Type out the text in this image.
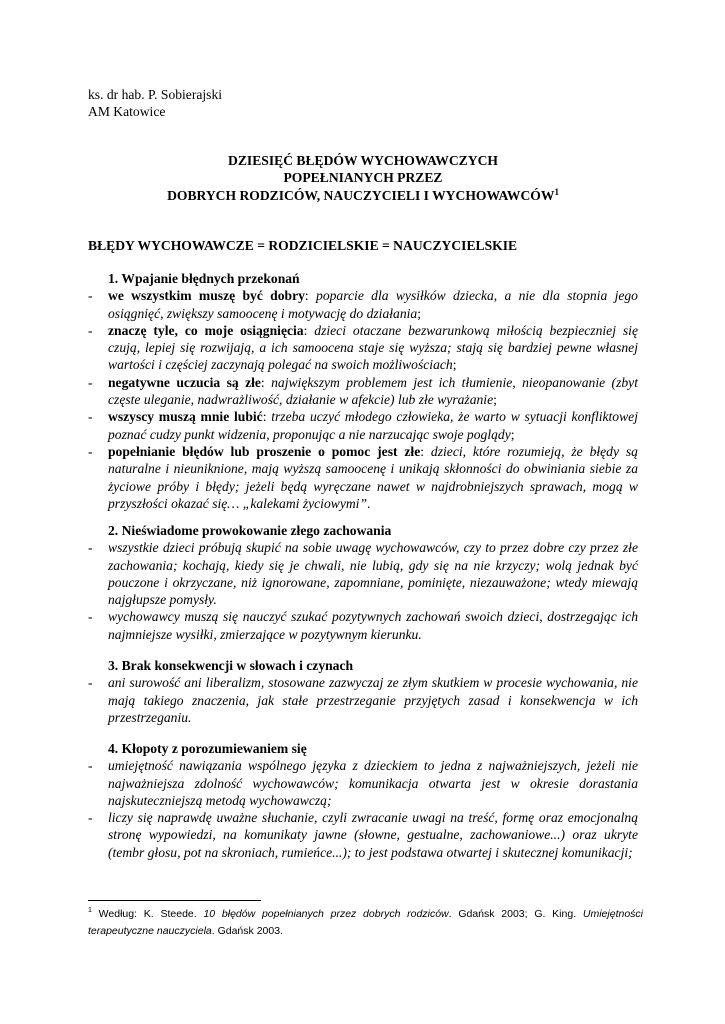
ks. dr hab. P. Sobierajski
AM Katowice
DZIESIĘĆ BŁĘDÓW WYCHOWAWCZYCH
POPEŁNIANYCH PRZEZ
DOBRYCH RODZICÓW, NAUCZYCIELI I WYCHOWAWCÓW$^1$
BŁĘDY WYCHOWAWCZE = RODZICIELSKIE = NAUCZYCIELSKIE
1. Wpajanie błędnych przekonań
- we wszystkim muszę być dobry: poparcie dla wysiłków dziecka, a nie dla stopnia jego osiągnięć, zwiększy samoocenę i motywację do działania;
- znaczę tyle, co moje osiągnięcia: dzieci otaczane bezwarunkową miłością bezpieczniej się czują, lepiej się rozwijają, a ich samoocena staje się wyższa; stają się bardziej pewne własnej wartości i częściej zaczynają polegać na swoich możliwościach;
- negatywne uczucia są złe: największym problemem jest ich tłumienie, nieopanowanie (zbyt częste uleganie, nadwrażliwość, działanie w afekcie) lub złe wyrażanie;
- wszyscy muszą mnie lubić: trzeba uczyć młodego człowieka, że warto w sytuacji konfliktowej poznać cudzy punkt widzenia, proponując a nie narzucając swoje poglądy;
- popełnianie błędów lub proszenie o pomoc jest złe: dzieci, które rozumieją, że błędy są naturalne i nieuniknione, mają wyższą samoocenę i unikają skłonności do obwiniania siebie za życiowe próby i błędy; jeżeli będą wyręczane nawet w najdrobniejszych sprawach, mogą w przyszłości okazać się… „kalekami życiowymi”.
2. Nieświadome prowokowanie złego zachowania
- wszystkie dzieci próbują skupić na sobie uwagę wychowawców, czy to przez dobre czy przez złe zachowania; kochają, kiedy się je chwali, nie lubią, gdy się na nie krzyczy; wolą jednak być pouczone i okrzyczane, niż ignorowane, zapomniane, pominięte, niezauważone; wtedy miewają najgłupsze pomysły.
- wychowawcy muszą się nauczyć szukać pozytywnych zachowań swoich dzieci, dostrzegając ich najmniejsze wysiłki, zmierzające w pozytywnym kierunku.
3. Brak konsekwencji w słowach i czynach
- ani surowość ani liberalizm, stosowane zazwyczaj ze złym skutkiem w procesie wychowania, nie mają takiego znaczenia, jak stałe przestrzeganie przyjętych zasad i konsekwencja w ich przestrzeganiu.
4. Kłopoty z porozumiewaniem się
- umiejętność nawiązania wspólnego języka z dzieckiem to jedna z najważniejszych, jeżeli nie najważniejsza zdolność wychowawców; komunikacja otwarta jest w okresie dorastania najskuteczniejszą metodą wychowawczą;
- liczy się naprawdę uważne słuchanie, czyli zwracanie uwagi na treść, formę oraz emocjonalną stronę wypowiedzi, na komunikaty jawne (słowne, gestualne, zachowaniowe...) oraz ukryte (tembr głosu, pot na skroniach, rumieńce...); to jest podstawa otwartej i skutecznej komunikacji;
$^1$ Według: K. Steede. 10 błędów popełnianych przez dobrych rodziców. Gdańsk 2003; G. King. Umiejętności terapeutyczne nauczyciela. Gdańsk 2003.
